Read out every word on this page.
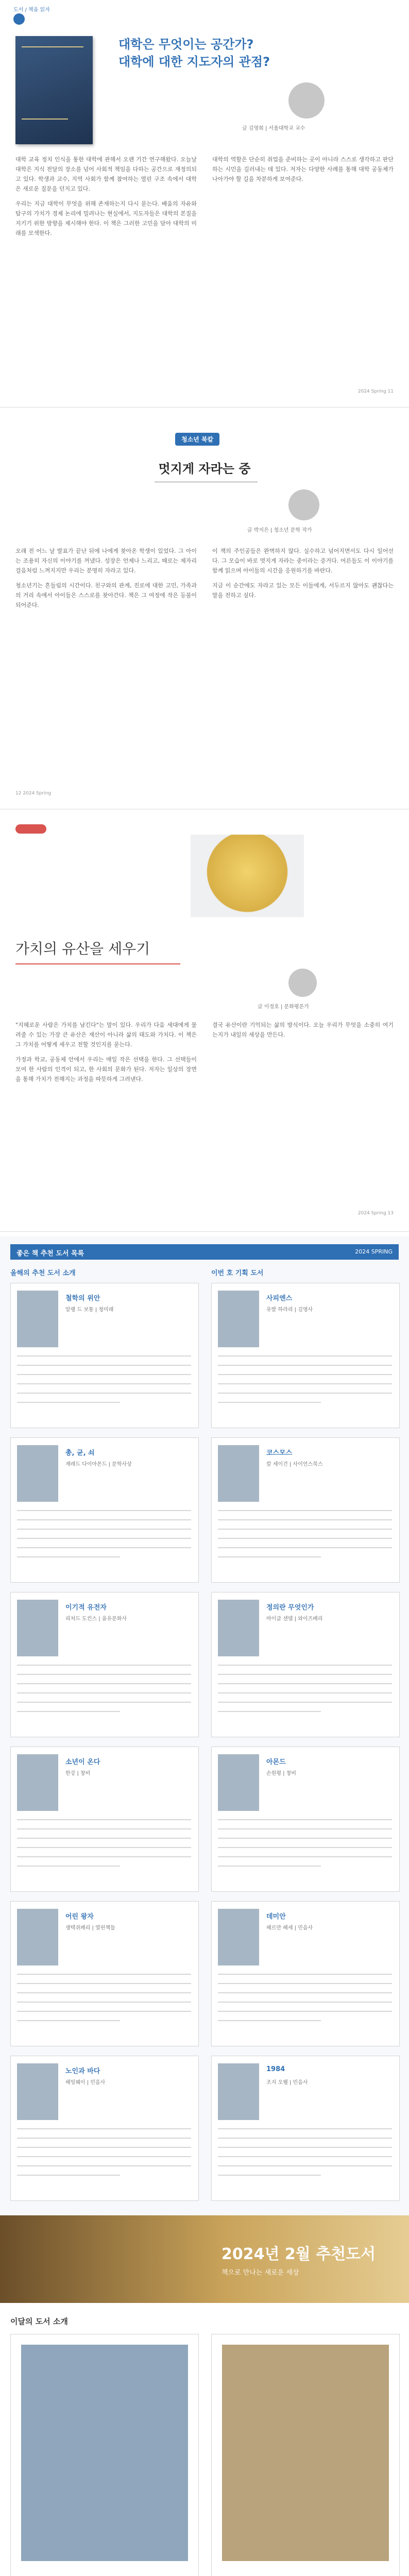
도서 / 책을 읽자
대학은 무엇이는 공간가?
대학에 대한 지도자의 관점?
글 김영희 | 서울대학교 교수

대학 교육 정치 인식을 통한 대학에 관해서 오랜 기간 연구해왔다. 오늘날 대학은 지식 전달의 장소를 넘어 사회적 책임을 다하는 공간으로 재정의되고 있다. 학생과 교수, 지역 사회가 함께 참여하는 열린 구조 속에서 대학은 새로운 질문을 던지고 있다.

우리는 지금 대학이 무엇을 위해 존재하는지 다시 묻는다. 배움의 자유와 탐구의 가치가 경제 논리에 밀려나는 현실에서, 지도자들은 대학의 본질을 지키기 위한 방향을 제시해야 한다. 이 책은 그러한 고민을 담아 대학의 미래를 모색한다.

대학의 역할은 단순히 취업을 준비하는 곳이 아니라 스스로 생각하고 판단하는 시민을 길러내는 데 있다. 저자는 다양한 사례를 통해 대학 공동체가 나아가야 할 길을 차분하게 보여준다.

2024 Spring 11
청소년 북칼
멋지게 자라는 중
글 박지은 | 청소년 문학 작가

오래 전 어느 날 발표가 끝난 뒤에 나에게 찾아온 학생이 있었다. 그 아이는 조용히 자신의 이야기를 꺼냈다. 성장은 언제나 느리고, 때로는 제자리걸음처럼 느껴지지만 우리는 분명히 자라고 있다.

청소년기는 흔들림의 시간이다. 친구와의 관계, 진로에 대한 고민, 가족과의 거리 속에서 아이들은 스스로를 찾아간다. 책은 그 여정에 작은 등불이 되어준다.

이 책의 주인공들은 완벽하지 않다. 실수하고 넘어지면서도 다시 일어선다. 그 모습이 바로 멋지게 자라는 중이라는 증거다. 어른들도 이 이야기를 함께 읽으며 아이들의 시간을 응원하기를 바란다.

지금 이 순간에도 자라고 있는 모든 이들에게, 서두르지 않아도 괜찮다는 말을 전하고 싶다.

12 2024 Spring
가치의 유산을 세우기
글 이정호 | 문화평론가

"지혜로운 사람은 가치를 남긴다"는 말이 있다. 우리가 다음 세대에게 물려줄 수 있는 가장 큰 유산은 재산이 아니라 삶의 태도와 가치다. 이 책은 그 가치를 어떻게 세우고 전할 것인지를 묻는다.

가정과 학교, 공동체 안에서 우리는 매일 작은 선택을 한다. 그 선택들이 모여 한 사람의 인격이 되고, 한 사회의 문화가 된다. 저자는 일상의 장면을 통해 가치가 전해지는 과정을 따뜻하게 그려낸다.

결국 유산이란 기억되는 삶의 방식이다. 오늘 우리가 무엇을 소중히 여기는지가 내일의 세상을 만든다.

2024 Spring 13
좋은 책 추천 도서 목록	2024 SPRING
올해의 추천 도서 소개	이번 호 기획 도서
철학의 위안
알랭 드 보통 | 청미래
사피엔스
유발 하라리 | 김영사
총, 균, 쇠
재레드 다이아몬드 | 문학사상
코스모스
칼 세이건 | 사이언스북스
이기적 유전자
리처드 도킨스 | 을유문화사
정의란 무엇인가
마이클 샌델 | 와이즈베리
소년이 온다
한강 | 창비
아몬드
손원평 | 창비
어린 왕자
생텍쥐페리 | 열린책들
데미안
헤르만 헤세 | 민음사
노인과 바다
헤밍웨이 | 민음사
1984
조지 오웰 | 민음사
2024년 2월 추천도서
책으로 만나는 새로운 세상
이달의 도서 소개
